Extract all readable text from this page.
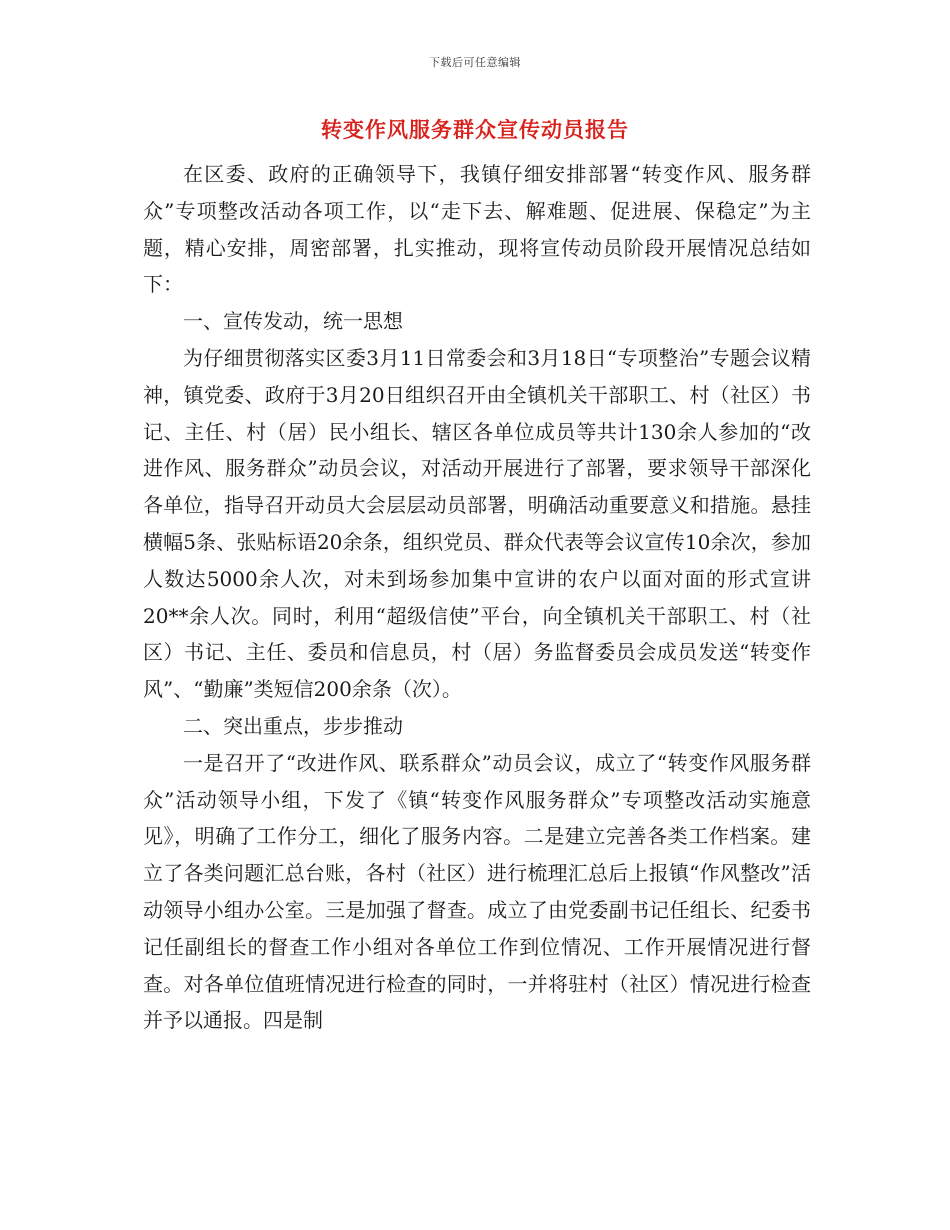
下载后可任意编辑
转变作风服务群众宣传动员报告

在区委、政府的正确领导下，我镇仔细安排部署“转变作风、服务群众”专项整改活动各项工作，以“走下去、解难题、促进展、保稳定”为主题，精心安排，周密部署，扎实推动，现将宣传动员阶段开展情况总结如下：

一、宣传发动，统一思想

为仔细贯彻落实区委3月11日常委会和3月18日“专项整治”专题会议精神，镇党委、政府于3月20日组织召开由全镇机关干部职工、村（社区）书记、主任、村（居）民小组长、辖区各单位成员等共计130余人参加的“改进作风、服务群众”动员会议，对活动开展进行了部署，要求领导干部深化各单位，指导召开动员大会层层动员部署，明确活动重要意义和措施。悬挂横幅5条、张贴标语20余条，组织党员、群众代表等会议宣传10余次，参加人数达5000余人次，对未到场参加集中宣讲的农户以面对面的形式宣讲20**余人次。同时，利用“超级信使”平台，向全镇机关干部职工、村（社区）书记、主任、委员和信息员，村（居）务监督委员会成员发送“转变作风”、“勤廉”类短信200余条（次）。

二、突出重点，步步推动

一是召开了“改进作风、联系群众”动员会议，成立了“转变作风服务群众”活动领导小组，下发了《镇“转变作风服务群众”专项整改活动实施意见》，明确了工作分工，细化了服务内容。二是建立完善各类工作档案。建立了各类问题汇总台账，各村（社区）进行梳理汇总后上报镇“作风整改”活动领导小组办公室。三是加强了督查。成立了由党委副书记任组长、纪委书记任副组长的督查工作小组对各单位工作到位情况、工作开展情况进行督查。对各单位值班情况进行检查的同时，一并将驻村（社区）情况进行检查并予以通报。四是制
